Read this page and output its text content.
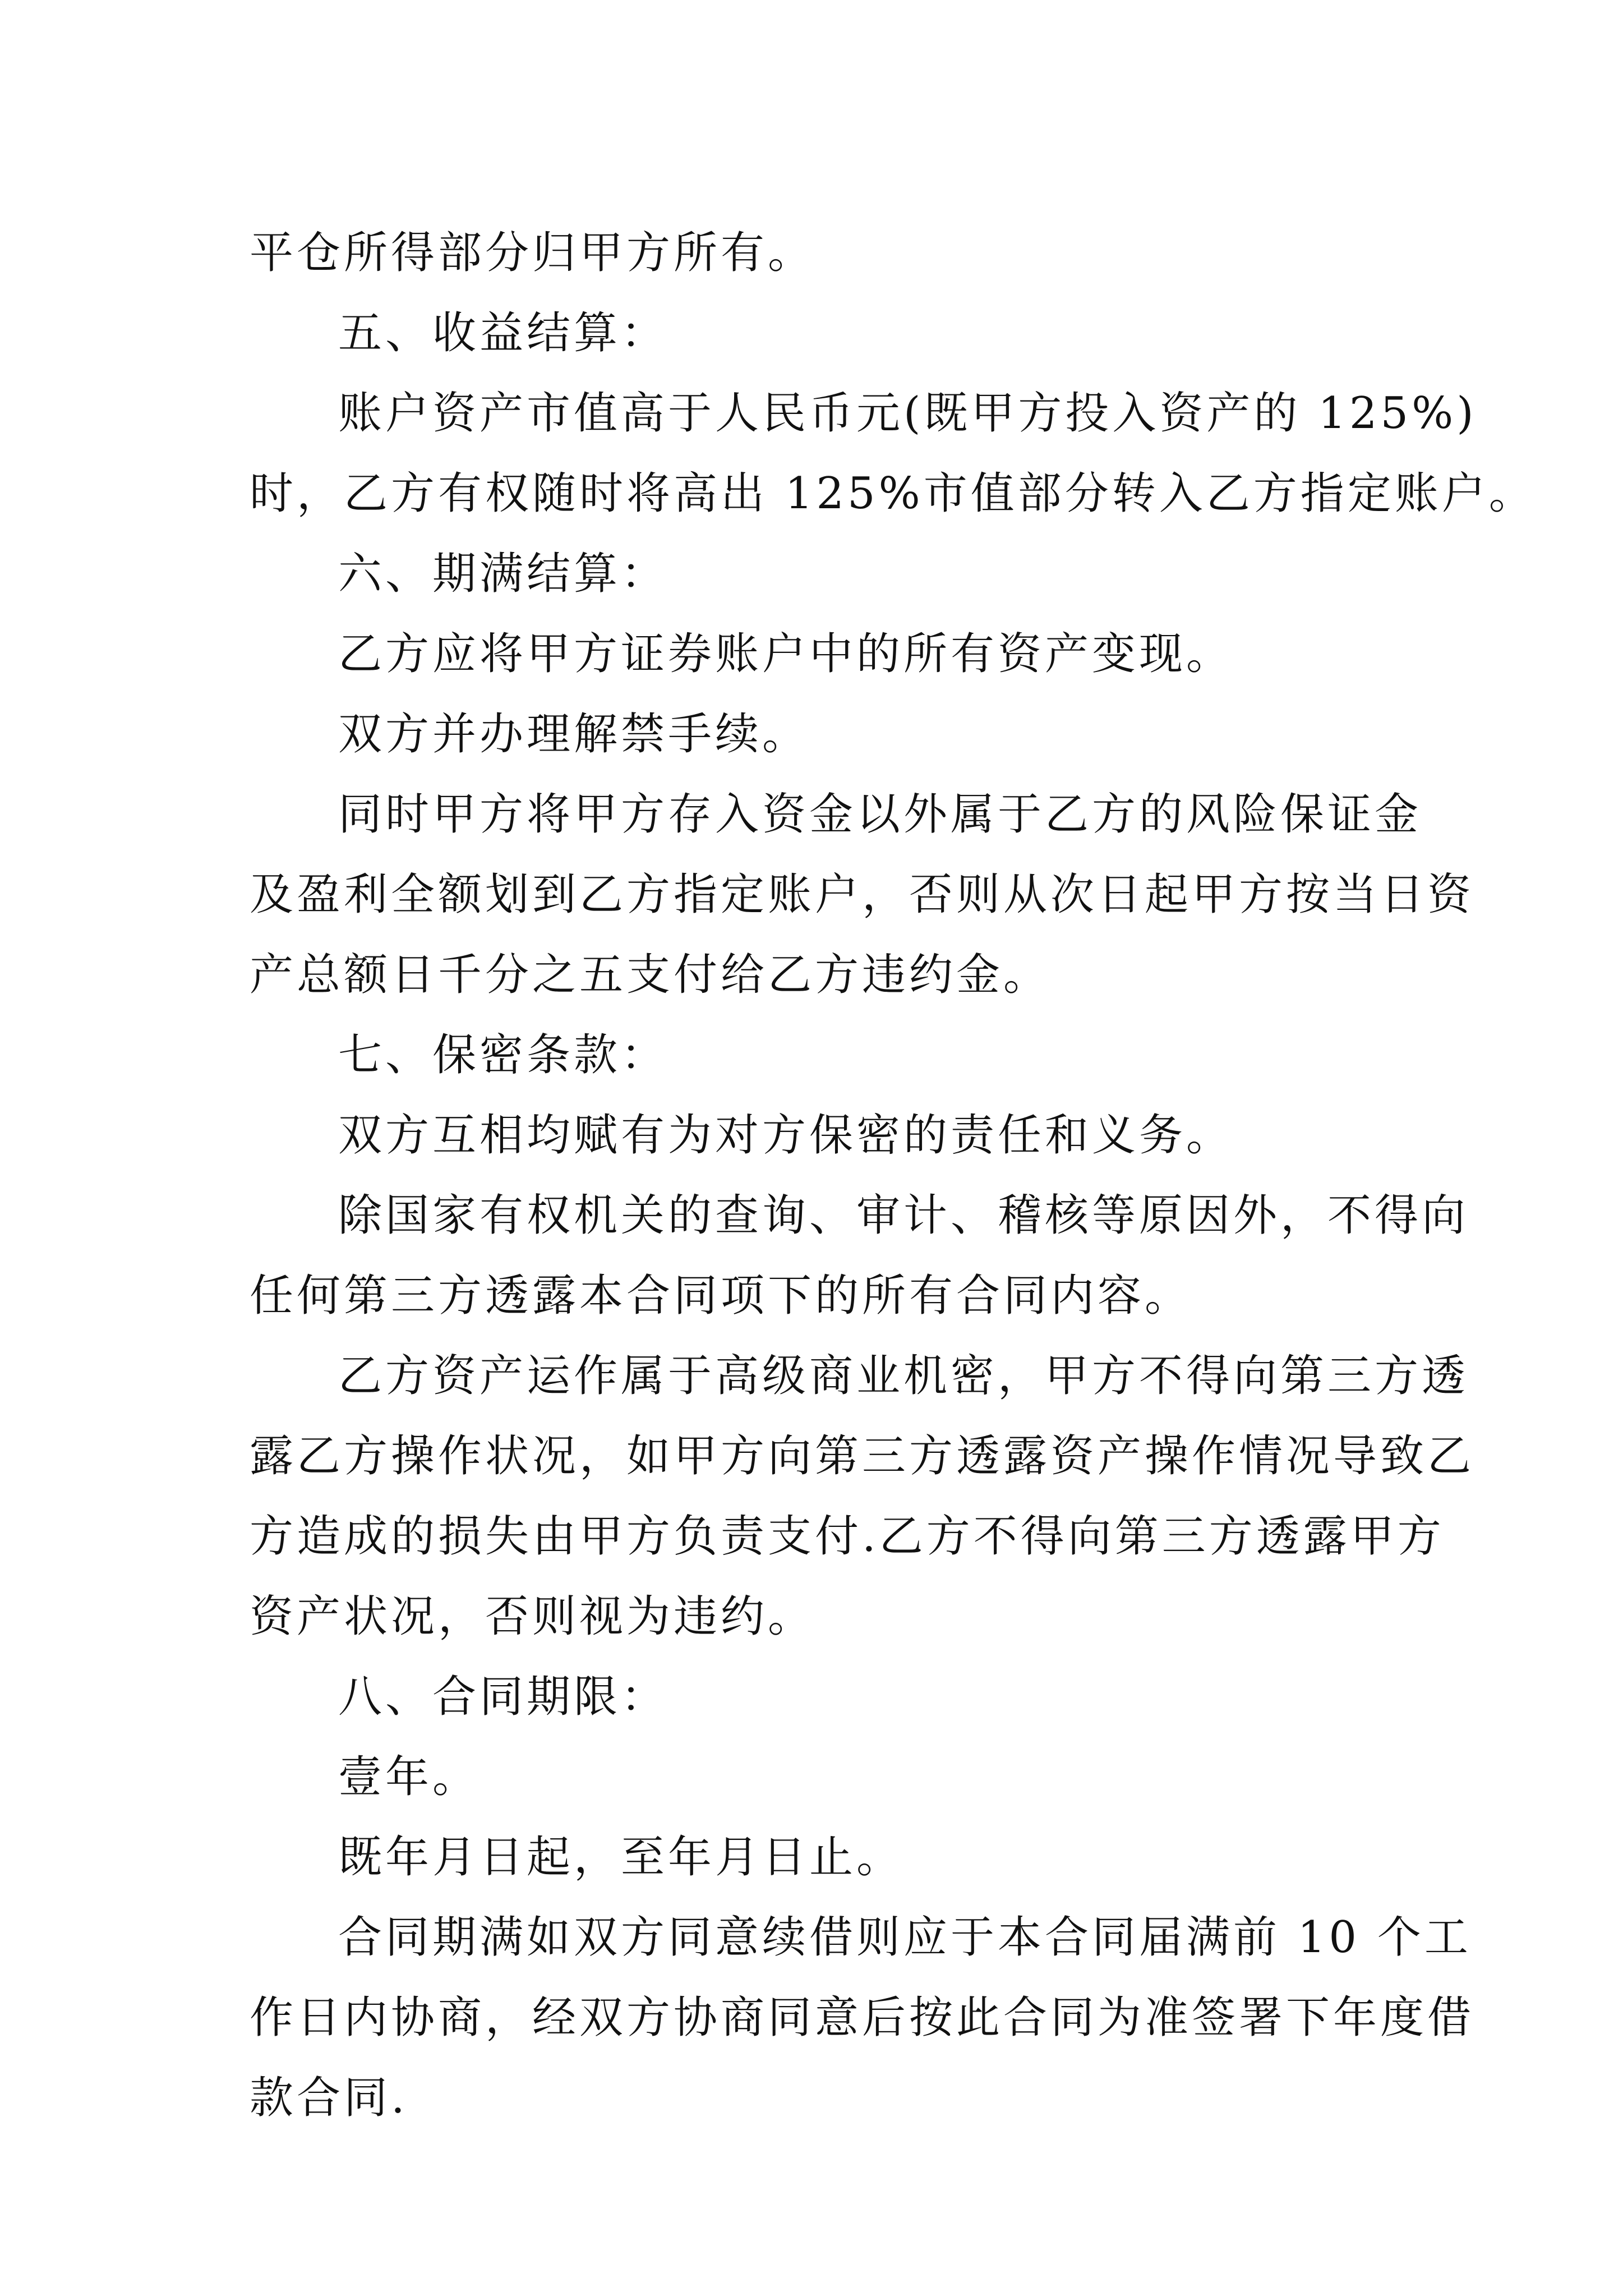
平仓所得部分归甲方所有。
五、收益结算：
账户资产市值高于人民币元(既甲方投入资产的 125%)
时，乙方有权随时将高出 125%市值部分转入乙方指定账户。
六、期满结算：
乙方应将甲方证券账户中的所有资产变现。
双方并办理解禁手续。
同时甲方将甲方存入资金以外属于乙方的风险保证金
及盈利全额划到乙方指定账户，否则从次日起甲方按当日资
产总额日千分之五支付给乙方违约金。
七、保密条款：
双方互相均赋有为对方保密的责任和义务。
除国家有权机关的查询、审计、稽核等原因外，不得向
任何第三方透露本合同项下的所有合同内容。
乙方资产运作属于高级商业机密，甲方不得向第三方透
露乙方操作状况，如甲方向第三方透露资产操作情况导致乙
方造成的损失由甲方负责支付.乙方不得向第三方透露甲方
资产状况，否则视为违约。
八、合同期限：
壹年。
既年月日起，至年月日止。
合同期满如双方同意续借则应于本合同届满前 10 个工
作日内协商，经双方协商同意后按此合同为准签署下年度借
款合同.
